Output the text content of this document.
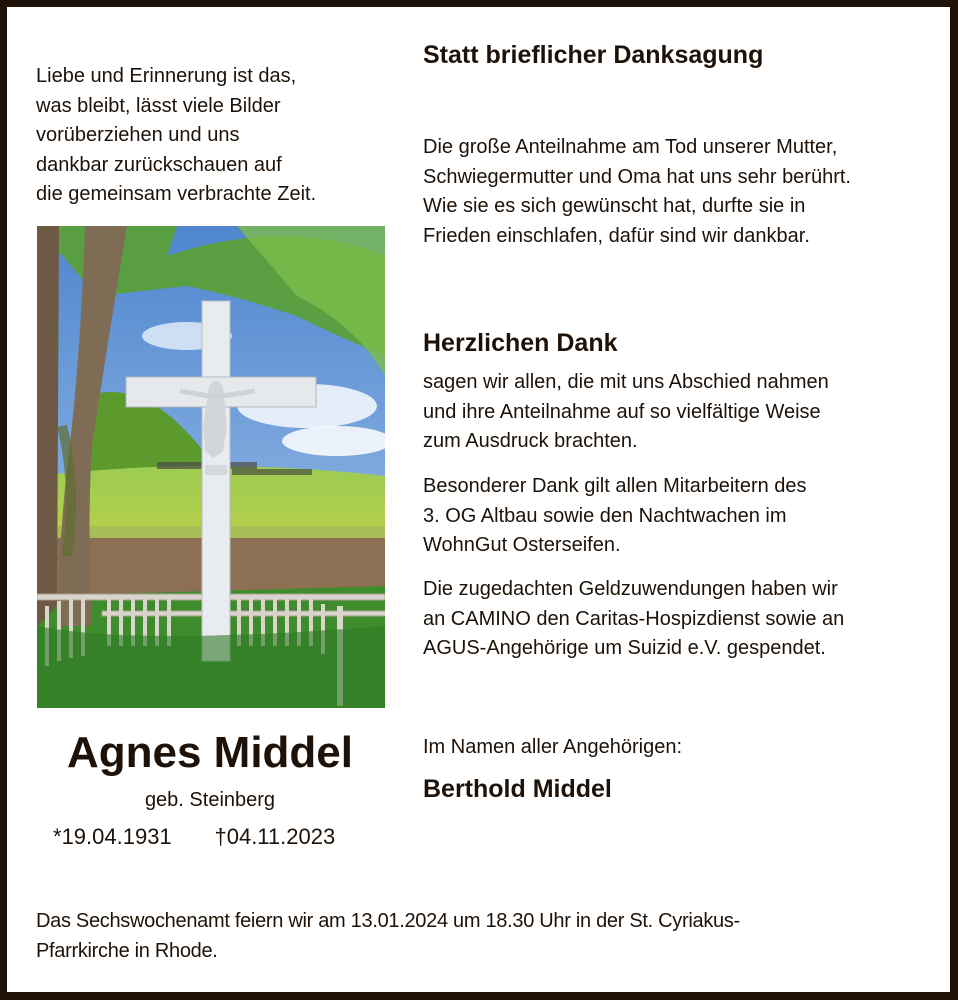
Liebe und Erinnerung ist das,
was bleibt, lässt viele Bilder
vorüberziehen und uns
dankbar zurückschauen auf
die gemeinsam verbrachte Zeit.
Agnes Middel
geb. Steinberg
*19.04.1931 †04.11.2023
Statt brieflicher Danksagung
Die große Anteilnahme am Tod unserer Mutter,
Schwiegermutter und Oma hat uns sehr berührt.
Wie sie es sich gewünscht hat, durfte sie in
Frieden einschlafen, dafür sind wir dankbar.
Herzlichen Dank
sagen wir allen, die mit uns Abschied nahmen
und ihre Anteilnahme auf so vielfältige Weise
zum Ausdruck brachten.
Besonderer Dank gilt allen Mitarbeitern des
3. OG Altbau sowie den Nachtwachen im
WohnGut Osterseifen.
Die zugedachten Geldzuwendungen haben wir
an CAMINO den Caritas-Hospizdienst sowie an
AGUS-Angehörige um Suizid e.V. gespendet.
Im Namen aller Angehörigen:
Berthold Middel
Das Sechswochenamt feiern wir am 13.01.2024 um 18.30 Uhr in der St. Cyriakus-
Pfarrkirche in Rhode.
